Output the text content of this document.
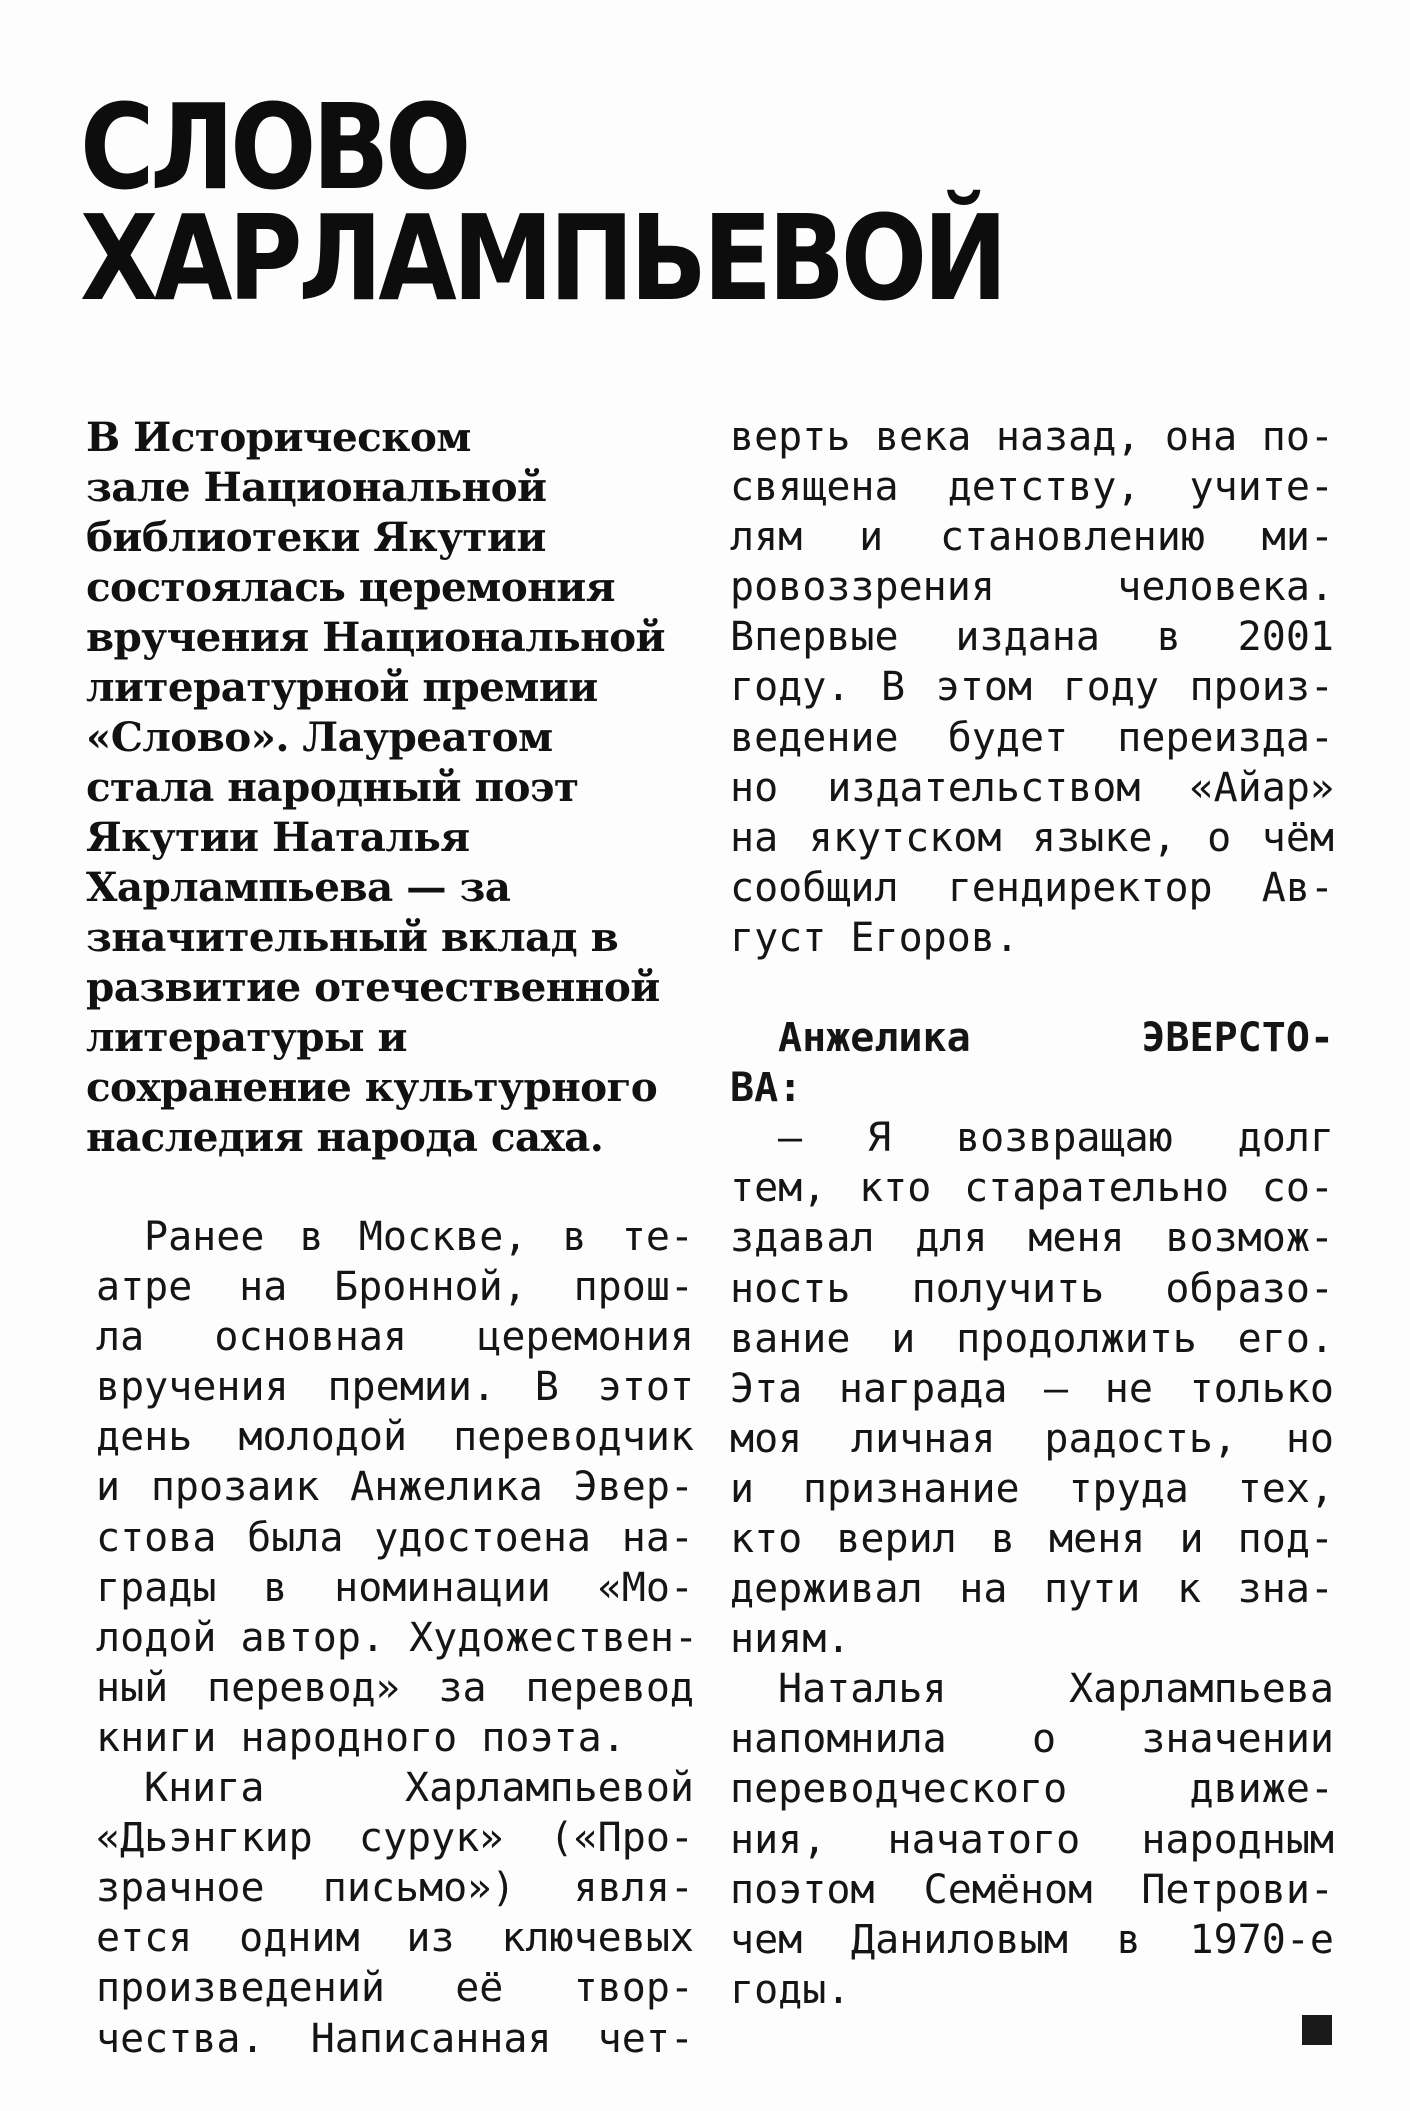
СЛОВО
ХАРЛАМПЬЕВОЙ
В Историческом
зале Национальной
библиотеки Якутии
состоялась церемония
вручения Национальной
литературной премии
«Слово». Лауреатом
стала народный поэт
Якутии Наталья
Харлампьева — за
значительный вклад в
развитие отечественной
литературы и
сохранение культурного
наследия народа саха.
Ранее в Москве, в те-
атре на Бронной, прош-
ла основная церемония
вручения премии. В этот
день молодой переводчик
и прозаик Анжелика Эвер-
стова была удостоена на-
грады в номинации «Мо-
лодой автор. Художествен-
ный перевод» за перевод
книги народного поэта.
Книга Харлампьевой
«Дьэнгкир сурук» («Про-
зрачное письмо») явля-
ется одним из ключевых
произведений её твор-
чества. Написанная чет-
верть века назад, она по-
священа детству, учите-
лям и становлению ми-
ровоззрения человека.
Впервые издана в 2001
году. В этом году произ-
ведение будет переизда-
но издательством «Айар»
на якутском языке, о чём
сообщил гендиректор Ав-
густ Егоров.
Анжелика ЭВЕРСТО-
ВА:
— Я возвращаю долг
тем, кто старательно со-
здавал для меня возмож-
ность получить образо-
вание и продолжить его.
Эта награда — не только
моя личная радость, но
и признание труда тех,
кто верил в меня и под-
держивал на пути к зна-
ниям.
Наталья Харлампьева
напомнила о значении
переводческого движе-
ния, начатого народным
поэтом Семёном Петрови-
чем Даниловым в 1970-е
годы.
